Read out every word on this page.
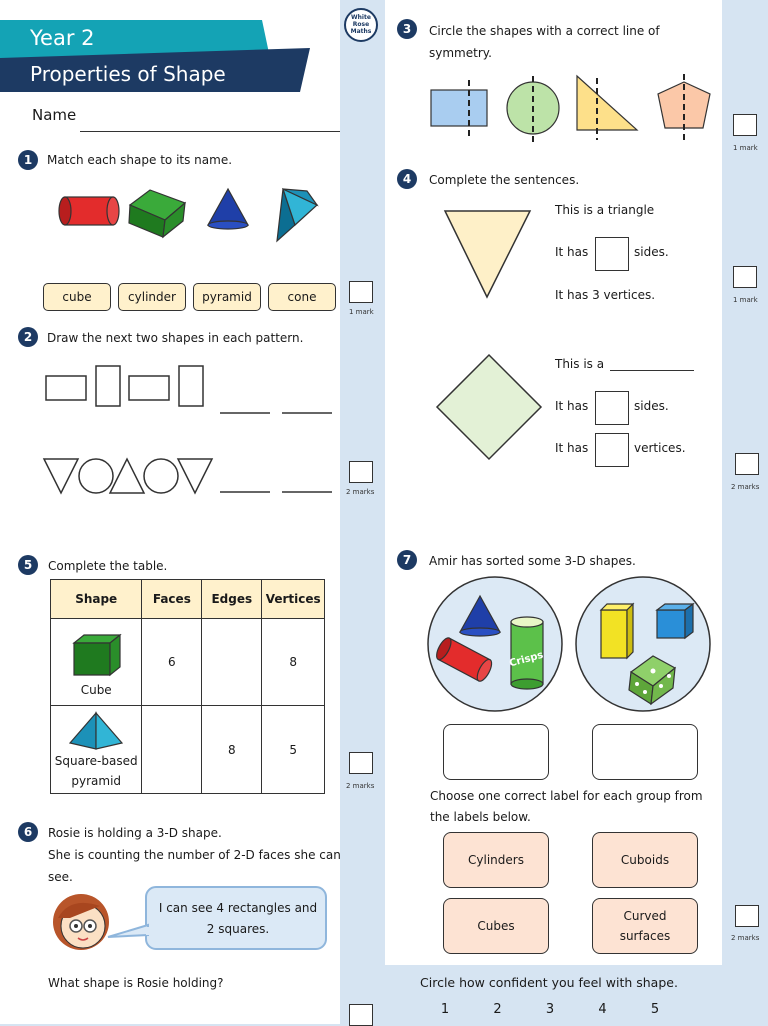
Year 2
Properties of Shape
White
Rose
Maths
Name
1	Match each shape to its name.
cube	cylinder	pyramid	cone
1 mark
2	Draw the next two shapes in each pattern.
2 marks
3	Circle the shapes with a correct line of
symmetry.
1 mark
4	Complete the sentences.
This is a triangle
It has	sides.
It has 3 vertices.	1 mark
This is a
It has	sides.
It has	vertices.
2 marks
5	Complete the table.
Shape	Faces	Edges	Vertices

Cube	6		8

Square-based
pyramid		8	5
2 marks
6	Rosie is holding a 3-D shape.
She is counting the number of 2-D faces she can
see.
I can see 4 rectangles and
2 squares.
What shape is Rosie holding?
7	Amir has sorted some 3-D shapes.
Crisps
Choose one correct label for each group from
the labels below.
Cylinders	Cuboids
Cubes
Curved surfaces	2 marks
Circle how confident you feel with shape.
1	2	3	4	5
